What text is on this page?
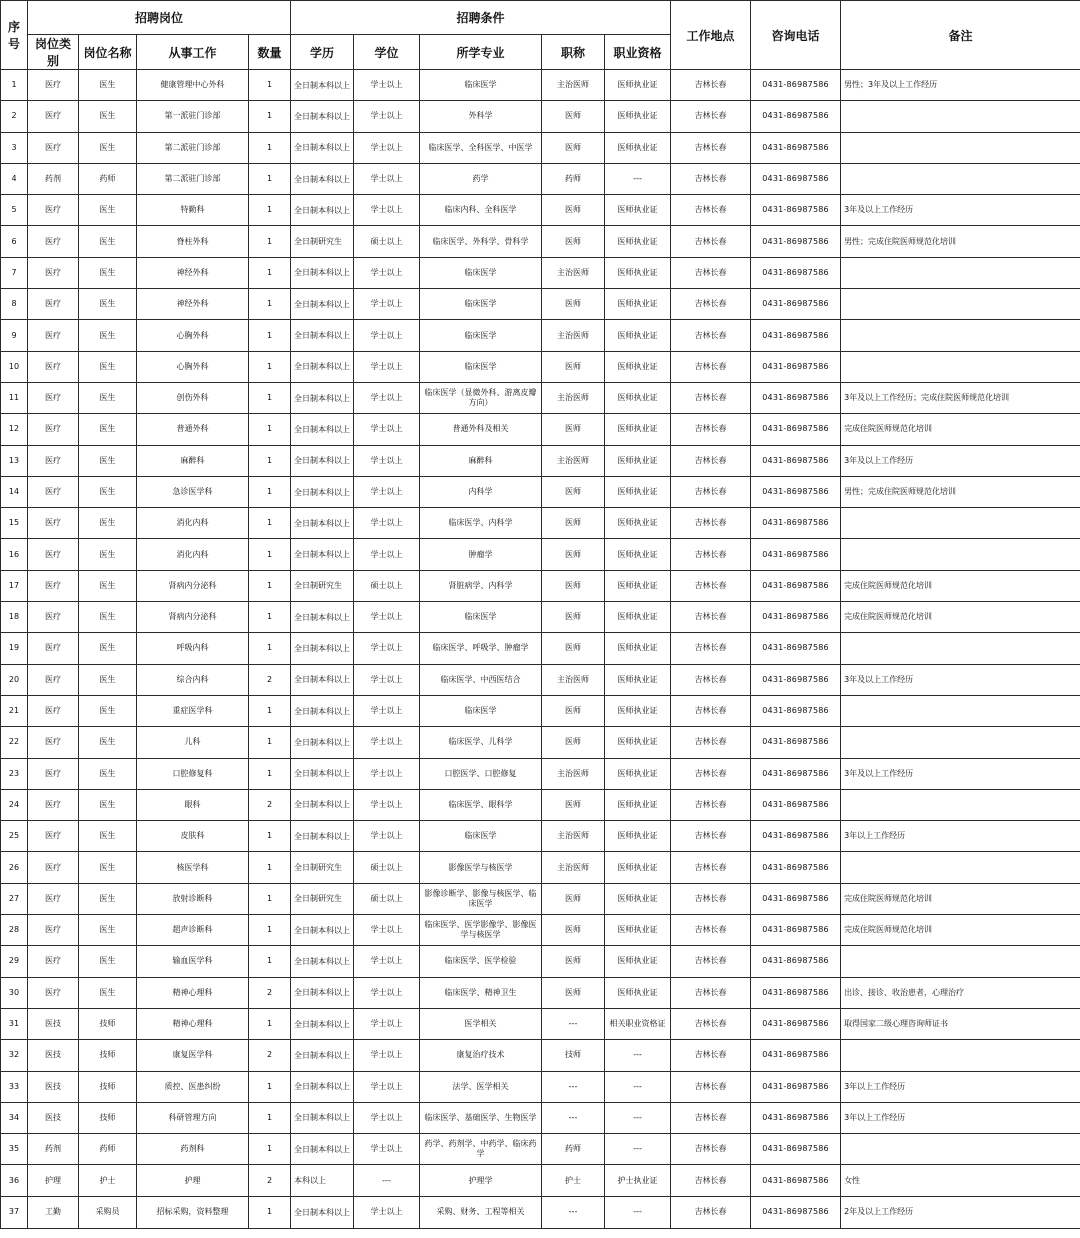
序号	招聘岗位				招聘条件					工作地点	咨询电话	备注
	岗位类别	岗位名称	从事工作	数量	学历	学位	所学专业	职称	职业资格			
1	医疗	医生	健康管理中心外科	1	全日制本科以上	学士以上	临床医学	主治医师	医师执业证	吉林长春	0431-86987586	男性；3年及以上工作经历
2	医疗	医生	第一派驻门诊部	1	全日制本科以上	学士以上	外科学	医师	医师执业证	吉林长春	0431-86987586	
3	医疗	医生	第二派驻门诊部	1	全日制本科以上	学士以上	临床医学、全科医学、中医学	医师	医师执业证	吉林长春	0431-86987586	
4	药剂	药师	第二派驻门诊部	1	全日制本科以上	学士以上	药学	药师	---	吉林长春	0431-86987586	
5	医疗	医生	特勤科	1	全日制本科以上	学士以上	临床内科、全科医学	医师	医师执业证	吉林长春	0431-86987586	3年及以上工作经历
6	医疗	医生	脊柱外科	1	全日制研究生	硕士以上	临床医学、外科学、骨科学	医师	医师执业证	吉林长春	0431-86987586	男性；完成住院医师规范化培训
7	医疗	医生	神经外科	1	全日制本科以上	学士以上	临床医学	主治医师	医师执业证	吉林长春	0431-86987586	
8	医疗	医生	神经外科	1	全日制本科以上	学士以上	临床医学	医师	医师执业证	吉林长春	0431-86987586	
9	医疗	医生	心胸外科	1	全日制本科以上	学士以上	临床医学	主治医师	医师执业证	吉林长春	0431-86987586	
10	医疗	医生	心胸外科	1	全日制本科以上	学士以上	临床医学	医师	医师执业证	吉林长春	0431-86987586	
11	医疗	医生	创伤外科	1	全日制本科以上	学士以上	临床医学（显微外科、游离皮瓣方向）	主治医师	医师执业证	吉林长春	0431-86987586	3年及以上工作经历；完成住院医师规范化培训
12	医疗	医生	普通外科	1	全日制本科以上	学士以上	普通外科及相关	医师	医师执业证	吉林长春	0431-86987586	完成住院医师规范化培训
13	医疗	医生	麻醉科	1	全日制本科以上	学士以上	麻醉科	主治医师	医师执业证	吉林长春	0431-86987586	3年及以上工作经历
14	医疗	医生	急诊医学科	1	全日制本科以上	学士以上	内科学	医师	医师执业证	吉林长春	0431-86987586	男性；完成住院医师规范化培训
15	医疗	医生	消化内科	1	全日制本科以上	学士以上	临床医学、内科学	医师	医师执业证	吉林长春	0431-86987586	
16	医疗	医生	消化内科	1	全日制本科以上	学士以上	肿瘤学	医师	医师执业证	吉林长春	0431-86987586	
17	医疗	医生	肾病内分泌科	1	全日制研究生	硕士以上	肾脏病学、内科学	医师	医师执业证	吉林长春	0431-86987586	完成住院医师规范化培训
18	医疗	医生	肾病内分泌科	1	全日制本科以上	学士以上	临床医学	医师	医师执业证	吉林长春	0431-86987586	完成住院医师规范化培训
19	医疗	医生	呼吸内科	1	全日制本科以上	学士以上	临床医学、呼吸学、肿瘤学	医师	医师执业证	吉林长春	0431-86987586	
20	医疗	医生	综合内科	2	全日制本科以上	学士以上	临床医学、中西医结合	主治医师	医师执业证	吉林长春	0431-86987586	3年及以上工作经历
21	医疗	医生	重症医学科	1	全日制本科以上	学士以上	临床医学	医师	医师执业证	吉林长春	0431-86987586	
22	医疗	医生	儿科	1	全日制本科以上	学士以上	临床医学、儿科学	医师	医师执业证	吉林长春	0431-86987586	
23	医疗	医生	口腔修复科	1	全日制本科以上	学士以上	口腔医学、口腔修复	主治医师	医师执业证	吉林长春	0431-86987586	3年及以上工作经历
24	医疗	医生	眼科	2	全日制本科以上	学士以上	临床医学、眼科学	医师	医师执业证	吉林长春	0431-86987586	
25	医疗	医生	皮肤科	1	全日制本科以上	学士以上	临床医学	主治医师	医师执业证	吉林长春	0431-86987586	3年以上工作经历
26	医疗	医生	核医学科	1	全日制研究生	硕士以上	影像医学与核医学	主治医师	医师执业证	吉林长春	0431-86987586	
27	医疗	医生	放射诊断科	1	全日制研究生	硕士以上	影像诊断学、影像与核医学、临床医学	医师	医师执业证	吉林长春	0431-86987586	完成住院医师规范化培训
28	医疗	医生	超声诊断科	1	全日制本科以上	学士以上	临床医学、医学影像学、影像医学与核医学	医师	医师执业证	吉林长春	0431-86987586	完成住院医师规范化培训
29	医疗	医生	输血医学科	1	全日制本科以上	学士以上	临床医学、医学检验	医师	医师执业证	吉林长春	0431-86987586	
30	医疗	医生	精神心理科	2	全日制本科以上	学士以上	临床医学、精神卫生	医师	医师执业证	吉林长春	0431-86987586	出诊、接诊、收治患者，心理治疗
31	医技	技师	精神心理科	1	全日制本科以上	学士以上	医学相关	---	相关职业资格证	吉林长春	0431-86987586	取得国家二级心理咨询师证书
32	医技	技师	康复医学科	2	全日制本科以上	学士以上	康复治疗技术	技师	---	吉林长春	0431-86987586	
33	医技	技师	质控、医患纠纷	1	全日制本科以上	学士以上	法学、医学相关	---	---	吉林长春	0431-86987586	3年以上工作经历
34	医技	技师	科研管理方向	1	全日制本科以上	学士以上	临床医学、基础医学、生物医学	---	---	吉林长春	0431-86987586	3年以上工作经历
35	药剂	药师	药剂科	1	全日制本科以上	学士以上	药学、药剂学、中药学、临床药学	药师	---	吉林长春	0431-86987586	
36	护理	护士	护理	2	本科以上	---	护理学	护士	护士执业证	吉林长春	0431-86987586	女性
37	工勤	采购员	招标采购，资料整理	1	全日制本科以上	学士以上	采购、财务、工程等相关	---	---	吉林长春	0431-86987586	2年及以上工作经历
